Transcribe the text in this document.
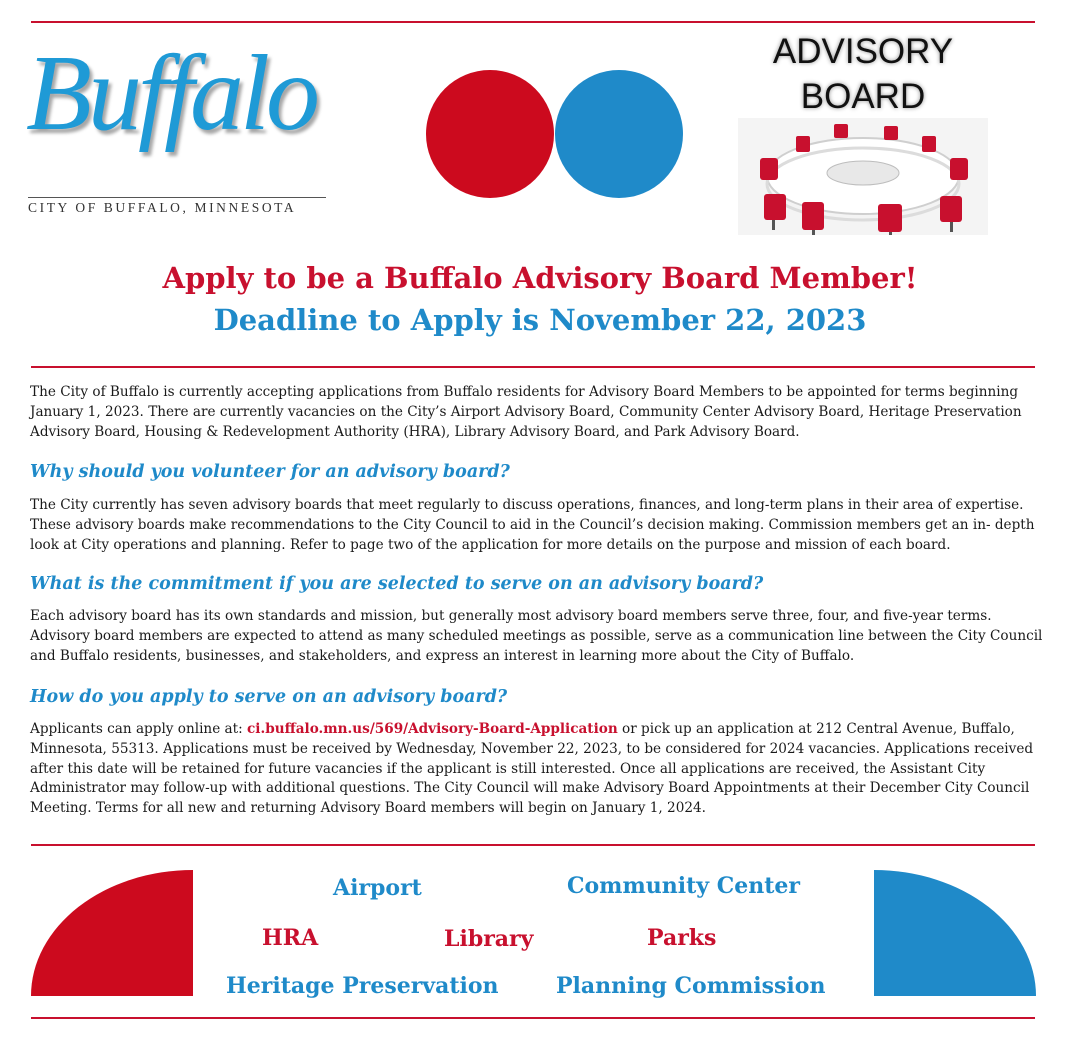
Buffalo
CITY OF BUFFALO, MINNESOTA
ADVISORY
BOARD
Apply to be a Buffalo Advisory Board Member!
Deadline to Apply is November 22, 2023
The City of Buffalo is currently accepting applications from Buffalo residents for Advisory Board Members to be appointed for terms beginning January 1, 2023. There are currently vacancies on the City’s Airport Advisory Board, Community Center Advisory Board, Heritage Preservation Advisory Board, Housing & Redevelopment Authority (HRA), Library Advisory Board, and Park Advisory Board.
Why should you volunteer for an advisory board?
The City currently has seven advisory boards that meet regularly to discuss operations, finances, and long-term plans in their area of expertise. These advisory boards make recommendations to the City Council to aid in the Council’s decision making. Commission members get an in- depth look at City operations and planning. Refer to page two of the application for more details on the purpose and mission of each board.
What is the commitment if you are selected to serve on an advisory board?
Each advisory board has its own standards and mission, but generally most advisory board members serve three, four, and five-year terms. Advisory board members are expected to attend as many scheduled meetings as possible, serve as a communication line between the City Council and Buffalo residents, businesses, and stakeholders, and express an interest in learning more about the City of Buffalo.
How do you apply to serve on an advisory board?
Applicants can apply online at: ci.buffalo.mn.us/569/Advisory-Board-Application or pick up an application at 212 Central Avenue, Buffalo, Minnesota, 55313. Applications must be received by Wednesday, November 22, 2023, to be considered for 2024 vacancies. Applications received after this date will be retained for future vacancies if the applicant is still interested. Once all applications are received, the Assistant City Administrator may follow-up with additional questions. The City Council will make Advisory Board Appointments at their December City Council Meeting. Terms for all new and returning Advisory Board members will begin on January 1, 2024.
Airport	Community Center
HRA	Library	Parks
Heritage Preservation	Planning Commission
